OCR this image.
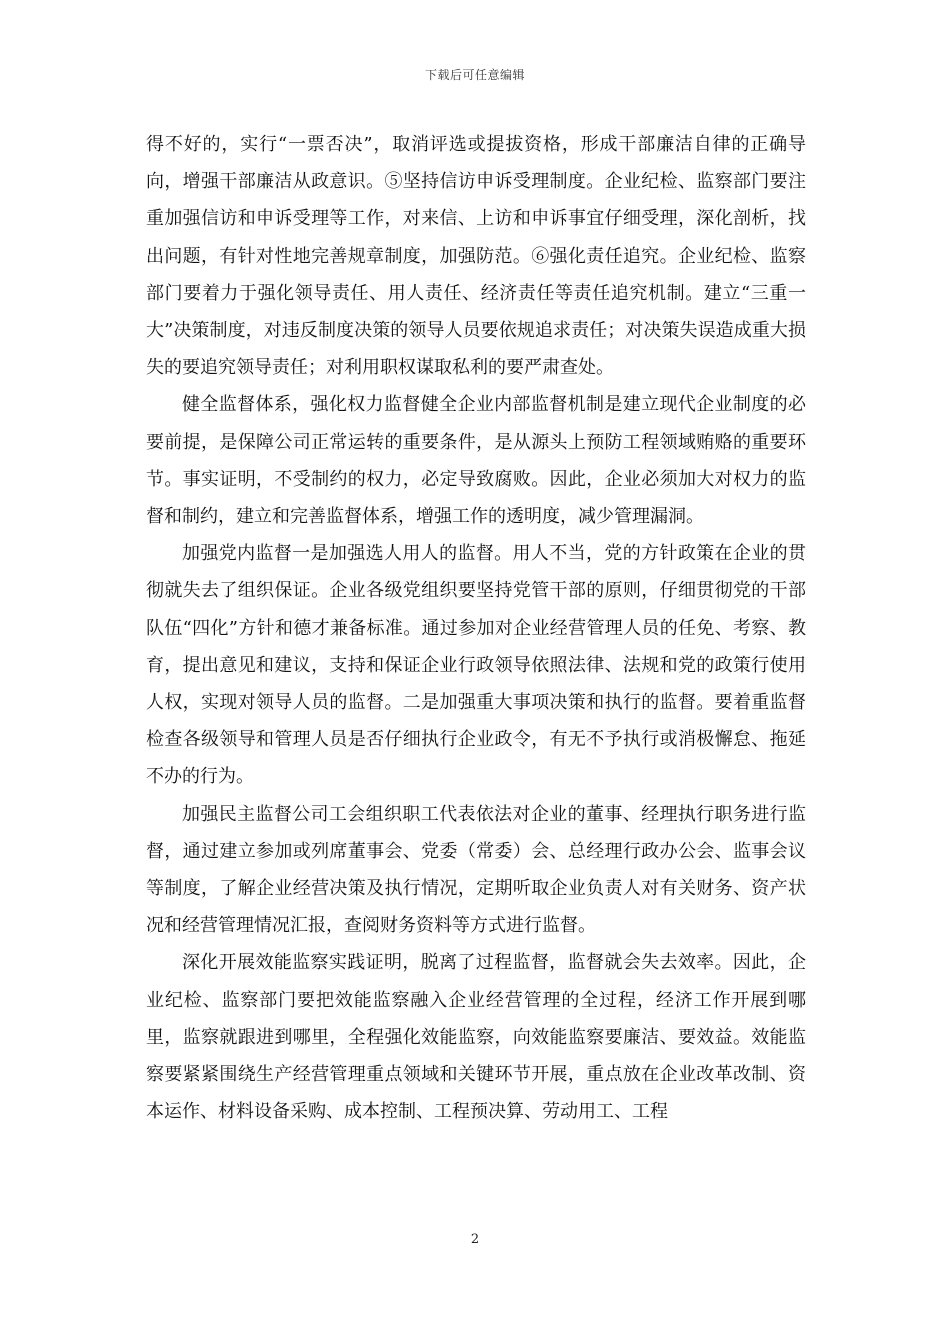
下载后可任意编辑

得不好的，实行“一票否决”，取消评选或提拔资格，形成干部廉洁自律的正确导向，增强干部廉洁从政意识。⑤坚持信访申诉受理制度。企业纪检、监察部门要注重加强信访和申诉受理等工作，对来信、上访和申诉事宜仔细受理，深化剖析，找出问题，有针对性地完善规章制度，加强防范。⑥强化责任追究。企业纪检、监察部门要着力于强化领导责任、用人责任、经济责任等责任追究机制。建立“三重一大”决策制度，对违反制度决策的领导人员要依规追求责任；对决策失误造成重大损失的要追究领导责任；对利用职权谋取私利的要严肃查处。

健全监督体系，强化权力监督健全企业内部监督机制是建立现代企业制度的必要前提，是保障公司正常运转的重要条件，是从源头上预防工程领域贿赂的重要环节。事实证明，不受制约的权力，必定导致腐败。因此，企业必须加大对权力的监督和制约，建立和完善监督体系，增强工作的透明度，减少管理漏洞。

加强党内监督一是加强选人用人的监督。用人不当，党的方针政策在企业的贯彻就失去了组织保证。企业各级党组织要坚持党管干部的原则，仔细贯彻党的干部队伍“四化”方针和德才兼备标准。通过参加对企业经营管理人员的任免、考察、教育，提出意见和建议，支持和保证企业行政领导依照法律、法规和党的政策行使用人权，实现对领导人员的监督。二是加强重大事项决策和执行的监督。要着重监督检查各级领导和管理人员是否仔细执行企业政令，有无不予执行或消极懈怠、拖延不办的行为。

加强民主监督公司工会组织职工代表依法对企业的董事、经理执行职务进行监督，通过建立参加或列席董事会、党委（常委）会、总经理行政办公会、监事会议等制度，了解企业经营决策及执行情况，定期听取企业负责人对有关财务、资产状况和经营管理情况汇报，查阅财务资料等方式进行监督。

深化开展效能监察实践证明，脱离了过程监督，监督就会失去效率。因此，企业纪检、监察部门要把效能监察融入企业经营管理的全过程，经济工作开展到哪里，监察就跟进到哪里，全程强化效能监察，向效能监察要廉洁、要效益。效能监察要紧紧围绕生产经营管理重点领域和关键环节开展，重点放在企业改革改制、资本运作、材料设备采购、成本控制、工程预决算、劳动用工、工程

2
